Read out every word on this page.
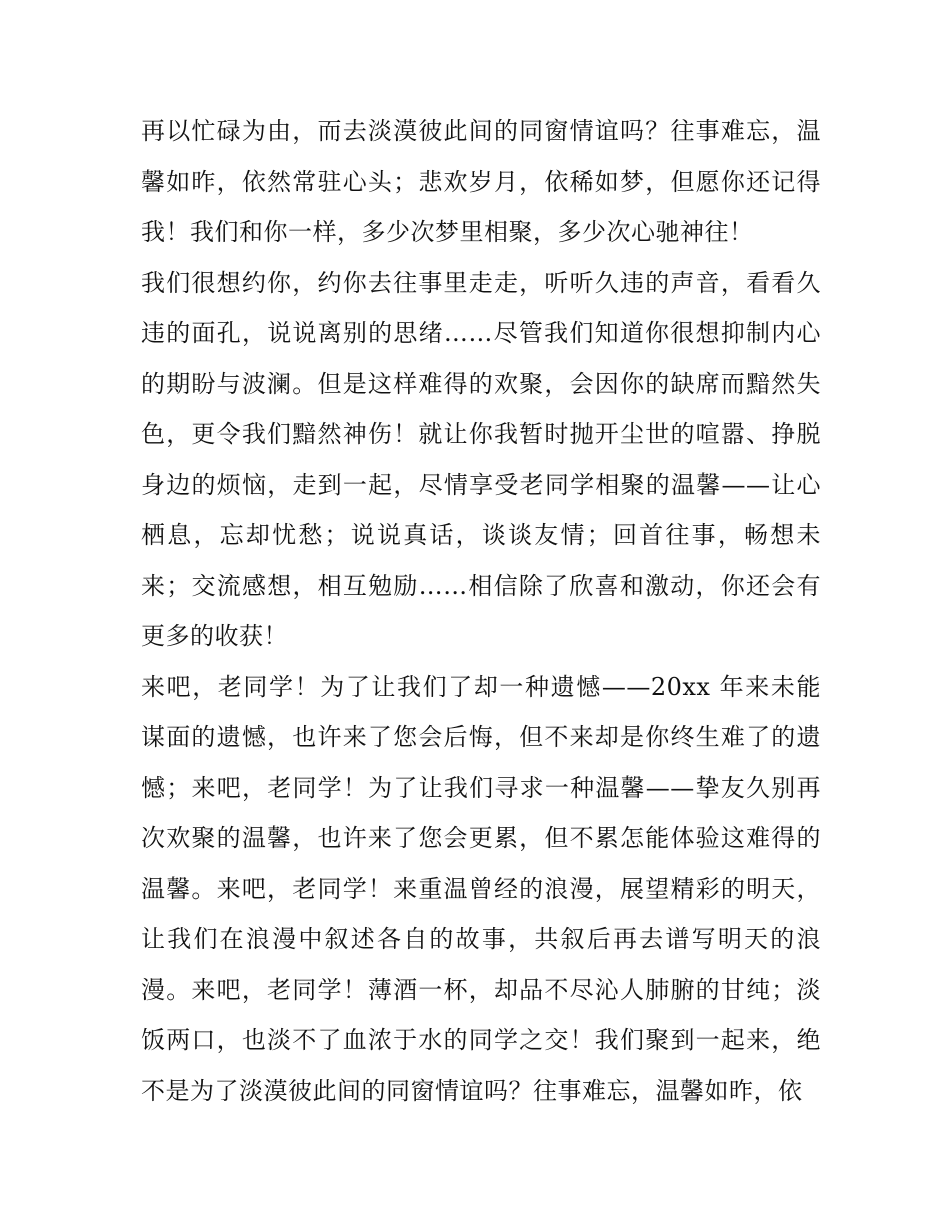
再以忙碌为由，而去淡漠彼此间的同窗情谊吗？往事难忘，温馨如昨，依然常驻心头；悲欢岁月，依稀如梦，但愿你还记得我！我们和你一样，多少次梦里相聚，多少次心驰神往！

我们很想约你，约你去往事里走走，听听久违的声音，看看久违的面孔，说说离别的思绪……尽管我们知道你很想抑制内心的期盼与波澜。但是这样难得的欢聚，会因你的缺席而黯然失色，更令我们黯然神伤！就让你我暂时抛开尘世的喧嚣、挣脱身边的烦恼，走到一起，尽情享受老同学相聚的温馨——让心栖息，忘却忧愁；说说真话，谈谈友情；回首往事，畅想未来；交流感想，相互勉励……相信除了欣喜和激动，你还会有更多的收获！

来吧，老同学！为了让我们了却一种遗憾——20xx 年来未能谋面的遗憾，也许来了您会后悔，但不来却是你终生难了的遗憾；来吧，老同学！为了让我们寻求一种温馨——挚友久别再次欢聚的温馨，也许来了您会更累，但不累怎能体验这难得的温馨。来吧，老同学！来重温曾经的浪漫，展望精彩的明天，让我们在浪漫中叙述各自的故事，共叙后再去谱写明天的浪漫。来吧，老同学！薄酒一杯，却品不尽沁人肺腑的甘纯；淡饭两口，也淡不了血浓于水的同学之交！我们聚到一起来，绝不是为了淡漠彼此间的同窗情谊吗？往事难忘，温馨如昨，依
